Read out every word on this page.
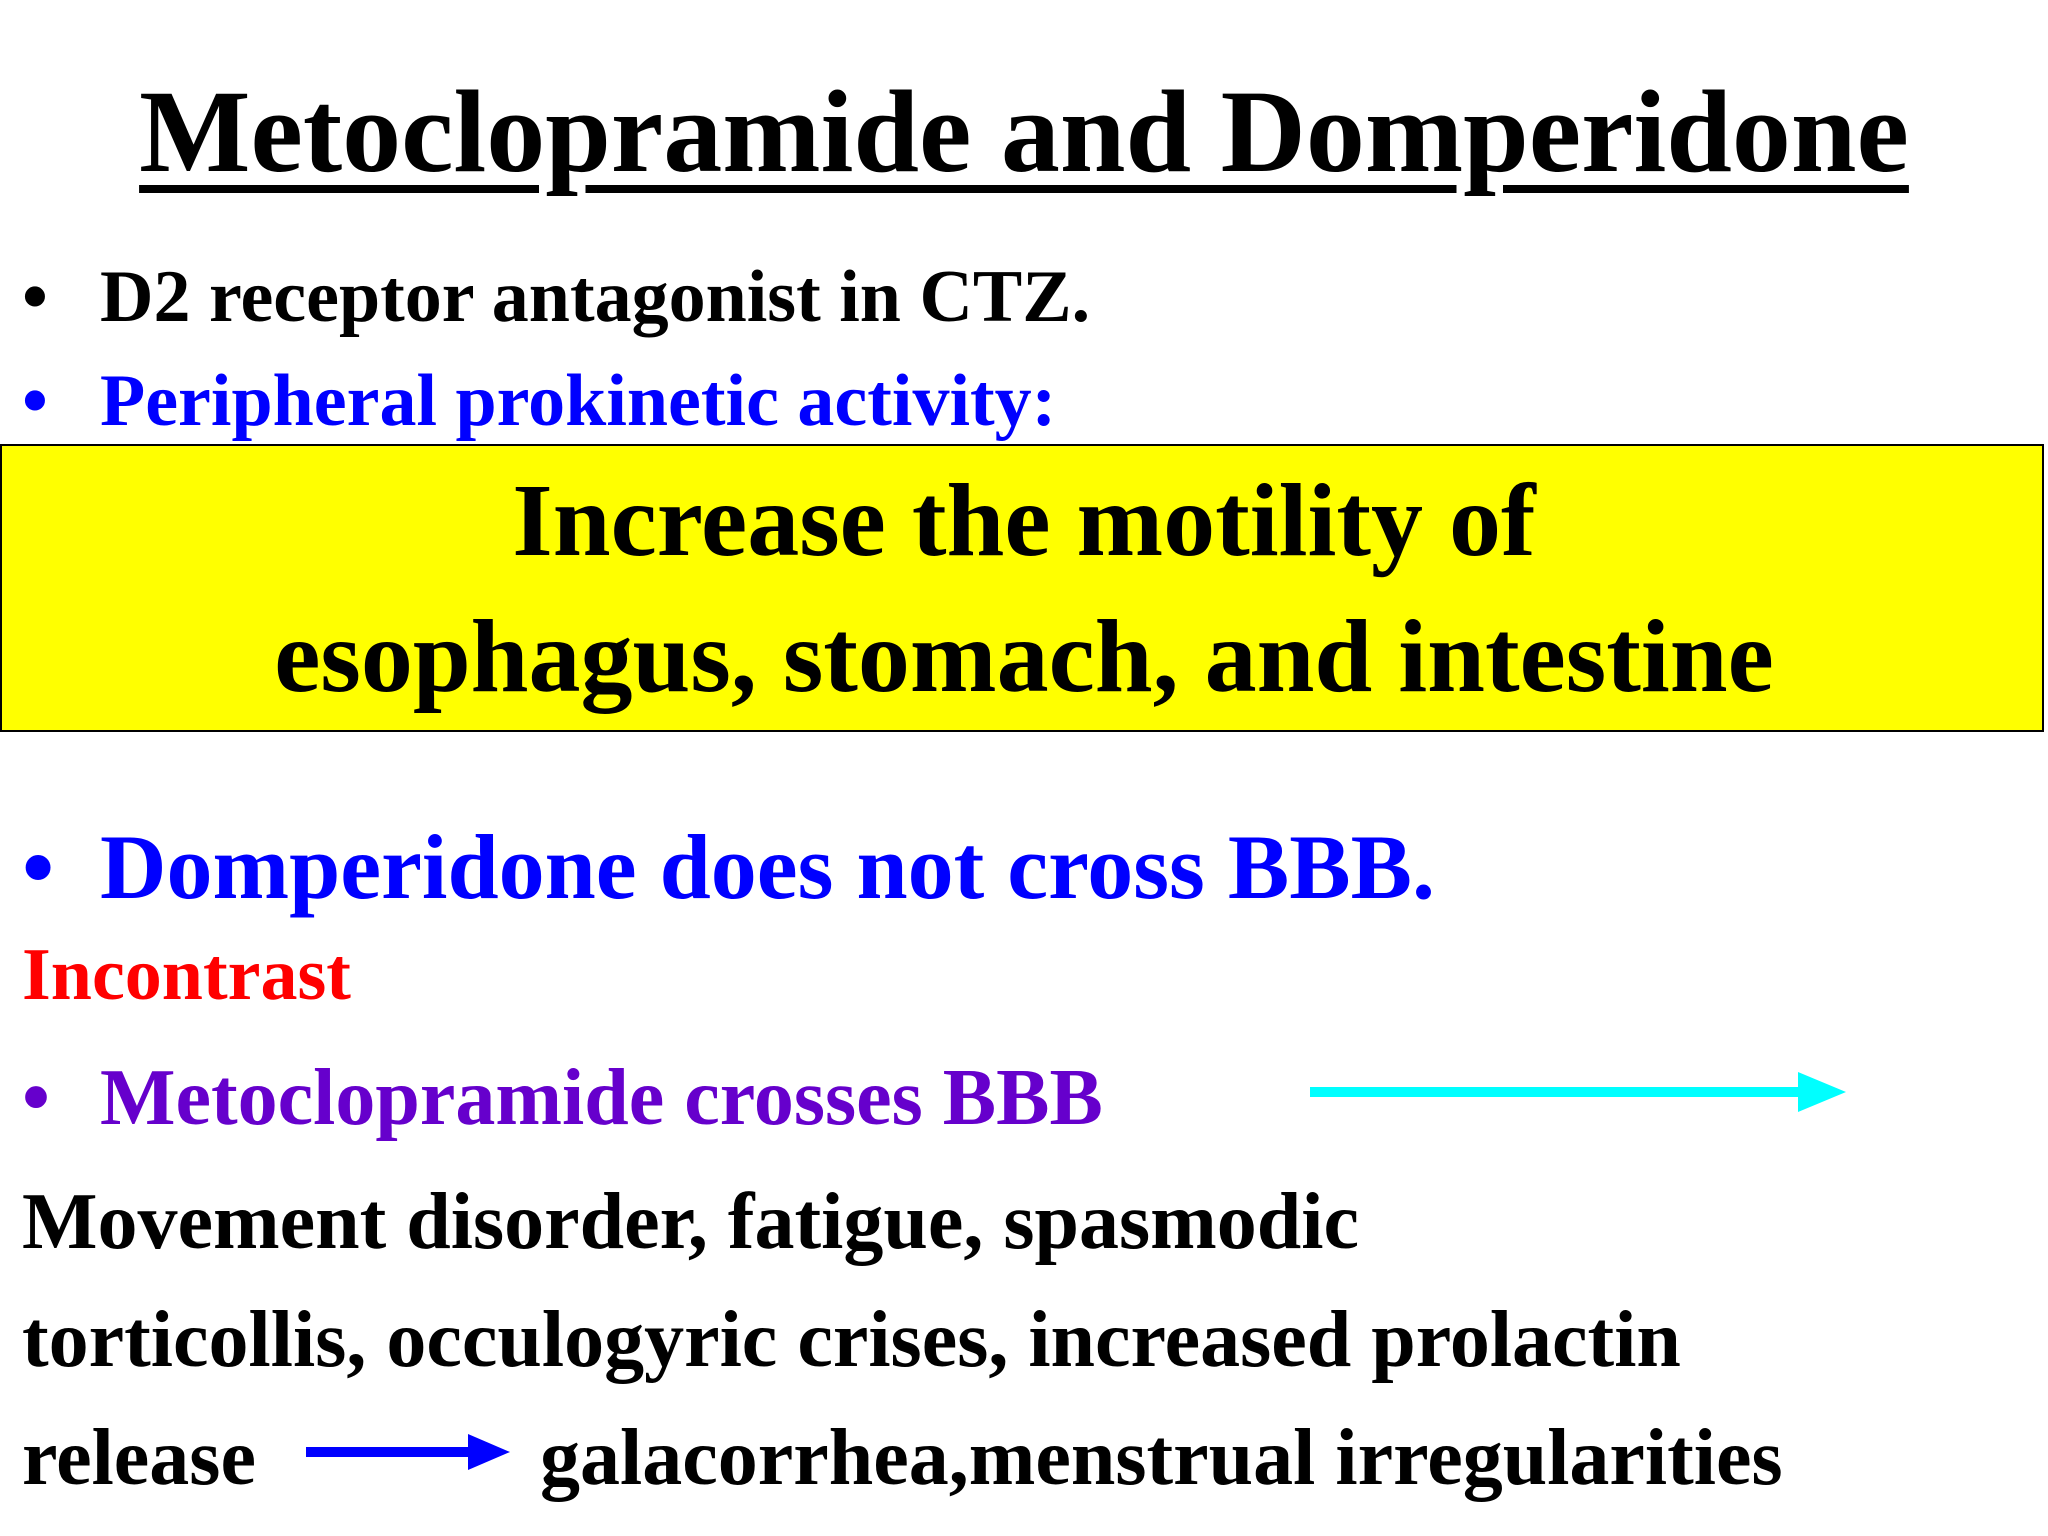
Metoclopramide and Domperidone
• D2 receptor antagonist in CTZ.
• Peripheral prokinetic activity:
Increase the motility of
esophagus, stomach, and intestine
• Domperidone does not cross BBB.
Incontrast
• Metoclopramide crosses BBB
Movement disorder, fatigue, spasmodic
torticollis, occulogyric crises, increased prolactin
release	galacorrhea,menstrual irregularities
